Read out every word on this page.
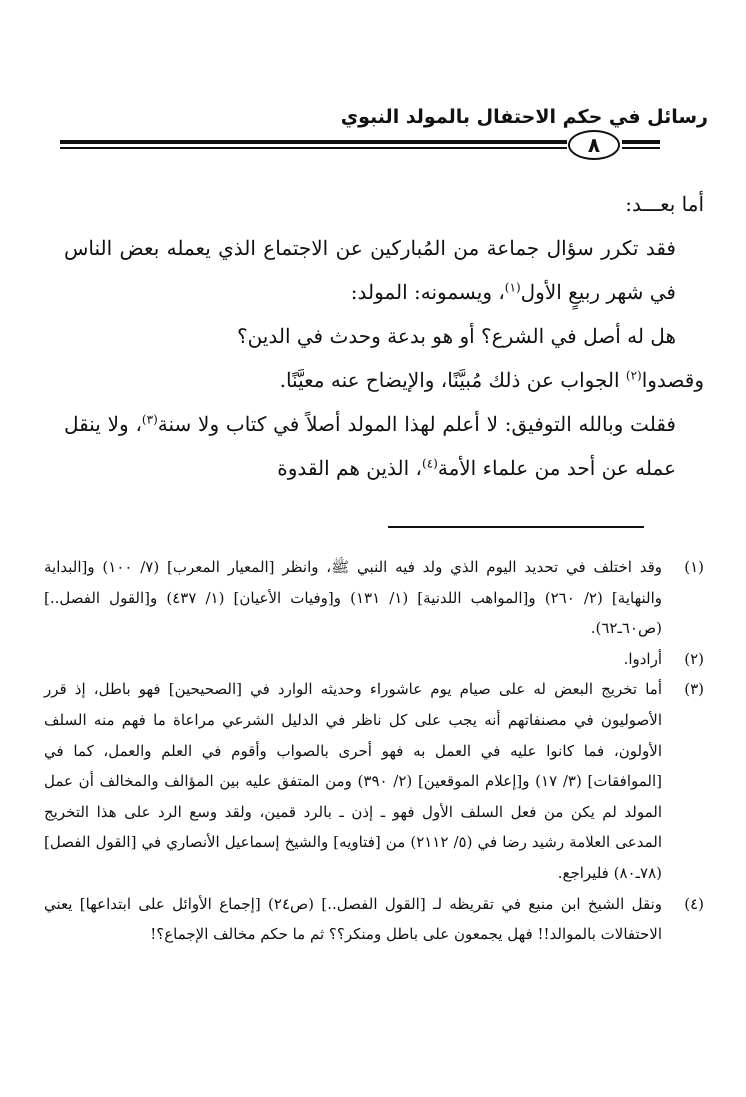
رسائل في حكم الاحتفال بالمولد النبوي
٨

أما بعـــد:

فقد تكرر سؤال جماعة من المُباركين عن الاجتماع الذي يعمله بعض الناس في شهر ربيعٍ الأول$^{(١)}$، ويسمونه: المولد:

هل له أصل في الشرع؟ أو هو بدعة وحدث في الدين؟

وقصدوا$^{(٢)}$ الجواب عن ذلك مُبيَّنًا، والإيضاح عنه معيَّنًا.

فقلت وبالله التوفيق: لا أعلم لهذا المولد أصلاً في كتاب ولا سنة$^{(٣)}$، ولا ينقل عمله عن أحد من علماء الأمة$^{(٤)}$، الذين هم القدوة

(١)
وقد اختلف في تحديد اليوم الذي ولد فيه النبي ﷺ، وانظر [المعيار المعرب] (٧/ ١٠٠) و[البداية والنهاية] (٢/ ٢٦٠) و[المواهب اللدنية] (١/ ١٣١) و[وفيات الأعيان] (١/ ٤٣٧) و[القول الفصل..] (ص٦٠ـ٦٢).
(٢)
أرادوا.
(٣)
أما تخريج البعض له على صيام يوم عاشوراء وحديثه الوارد في [الصحيحين] فهو باطل، إذ قرر الأصوليون في مصنفاتهم أنه يجب على كل ناظر في الدليل الشرعي مراعاة ما فهم منه السلف الأولون، فما كانوا عليه في العمل به فهو أحرى بالصواب وأقوم في العلم والعمل، كما في [الموافقات] (٣/ ١٧) و[إعلام الموقعين] (٢/ ٣٩٠) ومن المتفق عليه بين المؤالف والمخالف أن عمل المولد لم يكن من فعل السلف الأول فهو ـ إذن ـ بالرد قمين، ولقد وسع الرد على هذا التخريج المدعى العلامة رشيد رضا في (٥/ ٢١١٢) من [فتاويه] والشيخ إسماعيل الأنصاري في [القول الفصل] (٧٨ـ٨٠) فليراجع.
(٤)
ونقل الشيخ ابن منيع في تقريظه لـ [القول الفصل..] (ص٢٤) [إجماع الأوائل على ابتداعها] يعني الاحتفالات بالموالد!! فهل يجمعون على باطل ومنكر؟؟ ثم ما حكم مخالف الإجماع؟!
